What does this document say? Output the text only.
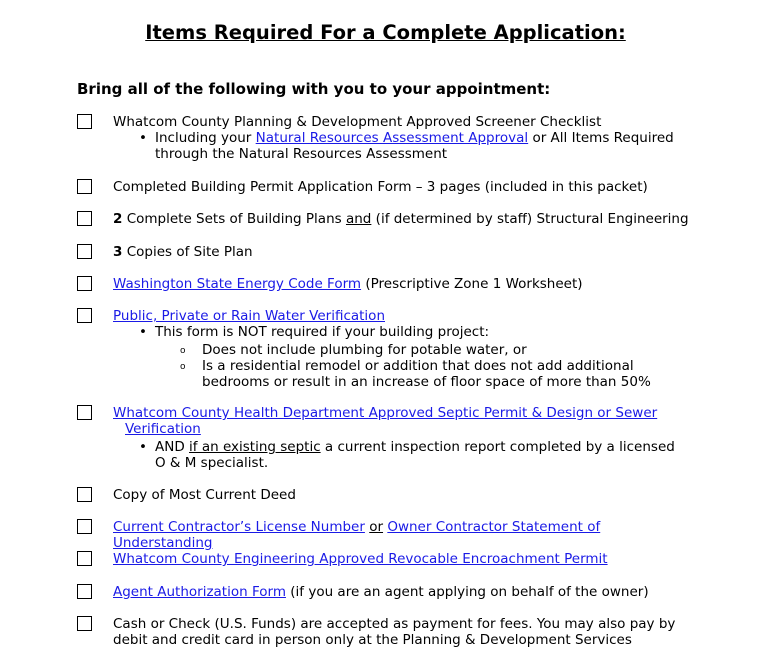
Items Required For a Complete Application:
Bring all of the following with you to your appointment:
Whatcom County Planning & Development Approved Screener Checklist
• Including your Natural Resources Assessment Approval or All Items Required
through the Natural Resources Assessment
Completed Building Permit Application Form – 3 pages (included in this packet)
2 Complete Sets of Building Plans and (if determined by staff) Structural Engineering
3 Copies of Site Plan
Washington State Energy Code Form (Prescriptive Zone 1 Worksheet)
Public, Private or Rain Water Verification
• This form is NOT required if your building project:
o Does not include plumbing for potable water, or
o Is a residential remodel or addition that does not add additional
bedrooms or result in an increase of floor space of more than 50%
Whatcom County Health Department Approved Septic Permit & Design or Sewer
Verification
• AND if an existing septic a current inspection report completed by a licensed
O & M specialist.
Copy of Most Current Deed
Current Contractor’s License Number or Owner Contractor Statement of Understanding
Whatcom County Engineering Approved Revocable Encroachment Permit
Agent Authorization Form (if you are an agent applying on behalf of the owner)
Cash or Check (U.S. Funds) are accepted as payment for fees. You may also pay by
debit and credit card in person only at the Planning & Development Services
